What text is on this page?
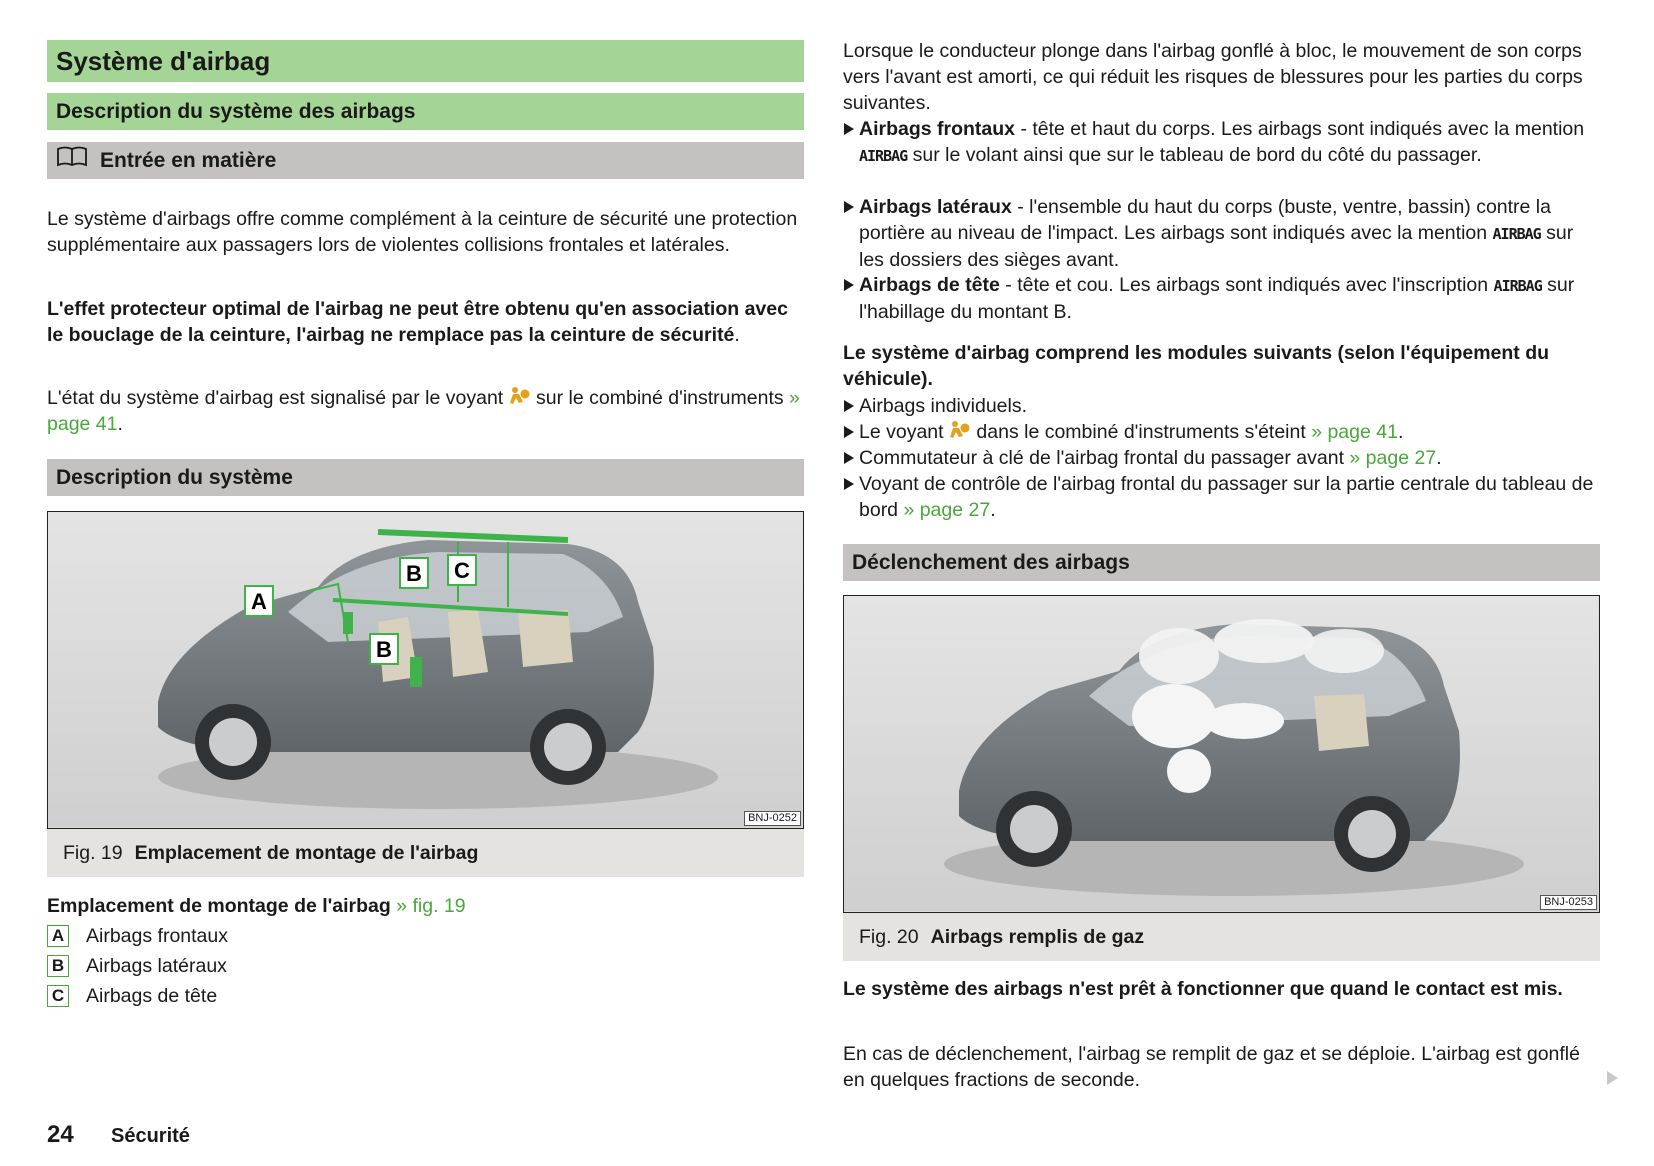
Système d'airbag
Description du système des airbags
Entrée en matière

Le système d'airbags offre comme complément à la ceinture de sécurité une protection supplémentaire aux passagers lors de violentes collisions frontales et latérales.

L'effet protecteur optimal de l'airbag ne peut être obtenu qu'en association avec le bouclage de la ceinture, l'airbag ne remplace pas la ceinture de sécurité.

L'état du système d'airbag est signalisé par le voyant sur le combiné d'instruments » page 41.

Description du système
A
B C
B
BNJ-0252
Fig. 19 Emplacement de montage de l'airbag

Emplacement de montage de l'airbag » fig. 19

A Airbags frontaux
B Airbags latéraux
C Airbags de tête

Lorsque le conducteur plonge dans l'airbag gonflé à bloc, le mouvement de son corps vers l'avant est amorti, ce qui réduit les risques de blessures pour les parties du corps suivantes.

Airbags frontaux - tête et haut du corps. Les airbags sont indiqués avec la mention AIRBAG sur le volant ainsi que sur le tableau de bord du côté du passager.
Airbags latéraux - l'ensemble du haut du corps (buste, ventre, bassin) contre la portière au niveau de l'impact. Les airbags sont indiqués avec la mention AIRBAG sur les dossiers des sièges avant.
Airbags de tête - tête et cou. Les airbags sont indiqués avec l'inscription AIRBAG sur l'habillage du montant B.

Le système d'airbag comprend les modules suivants (selon l'équipement du véhicule).

Airbags individuels.
Le voyant dans le combiné d'instruments s'éteint » page 41.
Commutateur à clé de l'airbag frontal du passager avant » page 27.
Voyant de contrôle de l'airbag frontal du passager sur la partie centrale du tableau de bord » page 27.
Déclenchement des airbags
BNJ-0253
Fig. 20 Airbags remplis de gaz

Le système des airbags n'est prêt à fonctionner que quand le contact est mis.

En cas de déclenchement, l'airbag se remplit de gaz et se déploie. L'airbag est gonflé en quelques fractions de seconde.

24 Sécurité
